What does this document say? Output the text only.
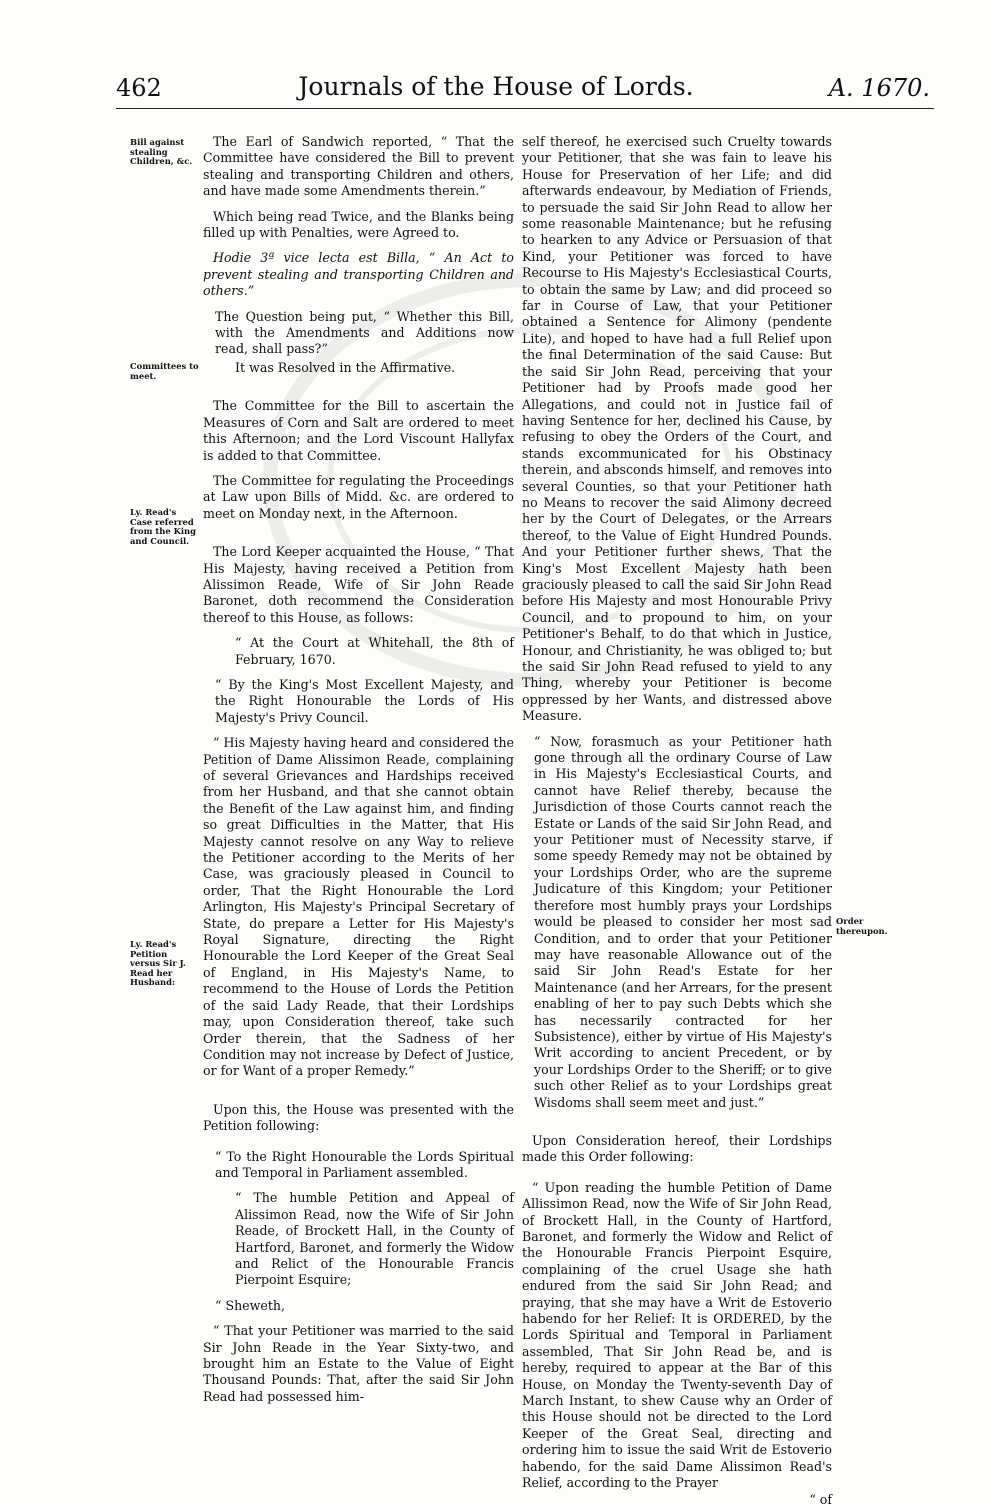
462	Journals of the House of Lords.	A. 1670.
Bill against stealing Children, &c.
Committees to meet.
Ly. Read's Case referred from the King and Council.
Ly. Read's Petition versus Sir J. Read her Husband:
Order thereupon.

The Earl of Sandwich reported, “ That the Committee have considered the Bill to prevent stealing and transporting Children and others, and have made some Amendments therein.”

Which being read Twice, and the Blanks being filled up with Penalties, were Agreed to.

Hodie 3ª vice lecta est Billa, “ An Act to prevent stealing and transporting Children and others.”

The Question being put, “ Whether this Bill, with the Amendments and Additions now read, shall pass?”

It was Resolved in the Affirmative.

The Committee for the Bill to ascertain the Measures of Corn and Salt are ordered to meet this Afternoon; and the Lord Viscount Hallyfax is added to that Committee.

The Committee for regulating the Proceedings at Law upon Bills of Midd. &c. are ordered to meet on Monday next, in the Afternoon.

The Lord Keeper acquainted the House, “ That His Majesty, having received a Petition from Alissimon Reade, Wife of Sir John Reade Baronet, doth recommend the Consideration thereof to this House, as follows:

“ At the Court at Whitehall, the 8th of February, 1670.

“ By the King's Most Excellent Majesty, and the Right Honourable the Lords of His Majesty's Privy Council.

“ His Majesty having heard and considered the Petition of Dame Alissimon Reade, complaining of several Grievances and Hardships received from her Husband, and that she cannot obtain the Benefit of the Law against him, and finding so great Difficulties in the Matter, that His Majesty cannot resolve on any Way to relieve the Petitioner according to the Merits of her Case, was graciously pleased in Council to order, That the Right Honourable the Lord Arlington, His Majesty's Principal Secretary of State, do prepare a Letter for His Majesty's Royal Signature, directing the Right Honourable the Lord Keeper of the Great Seal of England, in His Majesty's Name, to recommend to the House of Lords the Petition of the said Lady Reade, that their Lordships may, upon Consideration thereof, take such Order therein, that the Sadness of her Condition may not increase by Defect of Justice, or for Want of a proper Remedy.”

Upon this, the House was presented with the Petition following:

“ To the Right Honourable the Lords Spiritual and Temporal in Parliament assembled.

“ The humble Petition and Appeal of Alissimon Read, now the Wife of Sir John Reade, of Brockett Hall, in the County of Hartford, Baronet, and formerly the Widow and Relict of the Honourable Francis Pierpoint Esquire;

“ Sheweth,

“ That your Petitioner was married to the said Sir John Reade in the Year Sixty-two, and brought him an Estate to the Value of Eight Thousand Pounds: That, after the said Sir John Read had possessed him-

self thereof, he exercised such Cruelty towards your Petitioner, that she was fain to leave his House for Preservation of her Life; and did afterwards endeavour, by Mediation of Friends, to persuade the said Sir John Read to allow her some reasonable Maintenance; but he refusing to hearken to any Advice or Persuasion of that Kind, your Petitioner was forced to have Recourse to His Majesty's Ecclesiastical Courts, to obtain the same by Law; and did proceed so far in Course of Law, that your Petitioner obtained a Sentence for Alimony (pendente Lite), and hoped to have had a full Relief upon the final Determination of the said Cause: But the said Sir John Read, perceiving that your Petitioner had by Proofs made good her Allegations, and could not in Justice fail of having Sentence for her, declined his Cause, by refusing to obey the Orders of the Court, and stands excommunicated for his Obstinacy therein, and absconds himself, and removes into several Counties, so that your Petitioner hath no Means to recover the said Alimony decreed her by the Court of Delegates, or the Arrears thereof, to the Value of Eight Hundred Pounds. And your Petitioner further shews, That the King's Most Excellent Majesty hath been graciously pleased to call the said Sir John Read before His Majesty and most Honourable Privy Council, and to propound to him, on your Petitioner's Behalf, to do that which in Justice, Honour, and Christianity, he was obliged to; but the said Sir John Read refused to yield to any Thing, whereby your Petitioner is become oppressed by her Wants, and distressed above Measure.

“ Now, forasmuch as your Petitioner hath gone through all the ordinary Course of Law in His Majesty's Ecclesiastical Courts, and cannot have Relief thereby, because the Jurisdiction of those Courts cannot reach the Estate or Lands of the said Sir John Read, and your Petitioner must of Necessity starve, if some speedy Remedy may not be obtained by your Lordships Order, who are the supreme Judicature of this Kingdom; your Petitioner therefore most humbly prays your Lordships would be pleased to consider her most sad Condition, and to order that your Petitioner may have reasonable Allowance out of the said Sir John Read's Estate for her Maintenance (and her Arrears, for the present enabling of her to pay such Debts which she has necessarily contracted for her Subsistence), either by virtue of His Majesty's Writ according to ancient Precedent, or by your Lordships Order to the Sheriff; or to give such other Relief as to your Lordships great Wisdoms shall seem meet and just.”

Upon Consideration hereof, their Lordships made this Order following:

“ Upon reading the humble Petition of Dame Allissimon Read, now the Wife of Sir John Read, of Brockett Hall, in the County of Hartford, Baronet, and formerly the Widow and Relict of the Honourable Francis Pierpoint Esquire, complaining of the cruel Usage she hath endured from the said Sir John Read; and praying, that she may have a Writ de Estoverio habendo for her Relief: It is ORDERED, by the Lords Spiritual and Temporal in Parliament assembled, That Sir John Read be, and is hereby, required to appear at the Bar of this House, on Monday the Twenty-seventh Day of March Instant, to shew Cause why an Order of this House should not be directed to the Lord Keeper of the Great Seal, directing and ordering him to issue the said Writ de Estoverio habendo, for the said Dame Alissimon Read's Relief, according to the Prayer

“ of
